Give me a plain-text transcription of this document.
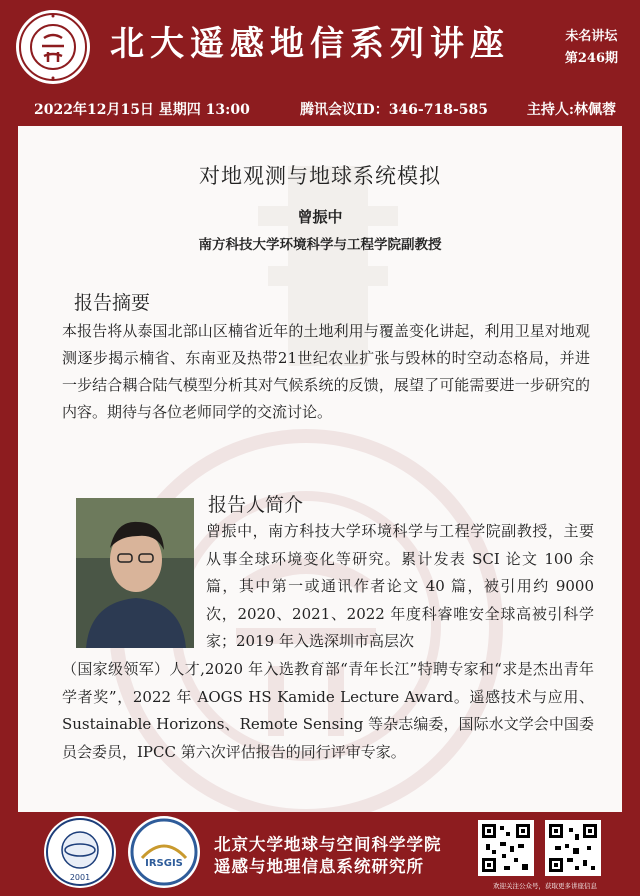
北大遥感地信系列讲座	未名讲坛
第246期
2022年12月15日 星期四 13:00	腾讯会议ID：346-718-585	主持人:林佩蓉
对地观测与地球系统模拟
曾振中
南方科技大学环境科学与工程学院副教授
报告摘要
本报告将从泰国北部山区楠省近年的土地利用与覆盖变化讲起，利用卫星对地观测逐步揭示楠省、东南亚及热带21世纪农业扩张与毁林的时空动态格局，并进一步结合耦合陆气模型分析其对气候系统的反馈，展望了可能需要进一步研究的内容。期待与各位老师同学的交流讨论。
报告人简介
曾振中，南方科技大学环境科学与工程学院副教授，主要从事全球环境变化等研究。累计发表 SCI 论文 100 余篇，其中第一或通讯作者论文 40 篇，被引用约 9000 次，2020、2021、2022 年度科睿唯安全球高被引科学家；2019 年入选深圳市高层次
（国家级领军）人才,2020 年入选教育部“青年长江”特聘专家和“求是杰出青年学者奖”，2022 年 AOGS HS Kamide Lecture Award。遥感技术与应用、Sustainable Horizons、Remote Sensing 等杂志编委，国际水文学会中国委员会委员，IPCC 第六次评估报告的同行评审专家。
2001
IRSGIS
北京大学地球与空间科学学院
遥感与地理信息系统研究所
欢迎关注公众号，获取更多讲座信息
